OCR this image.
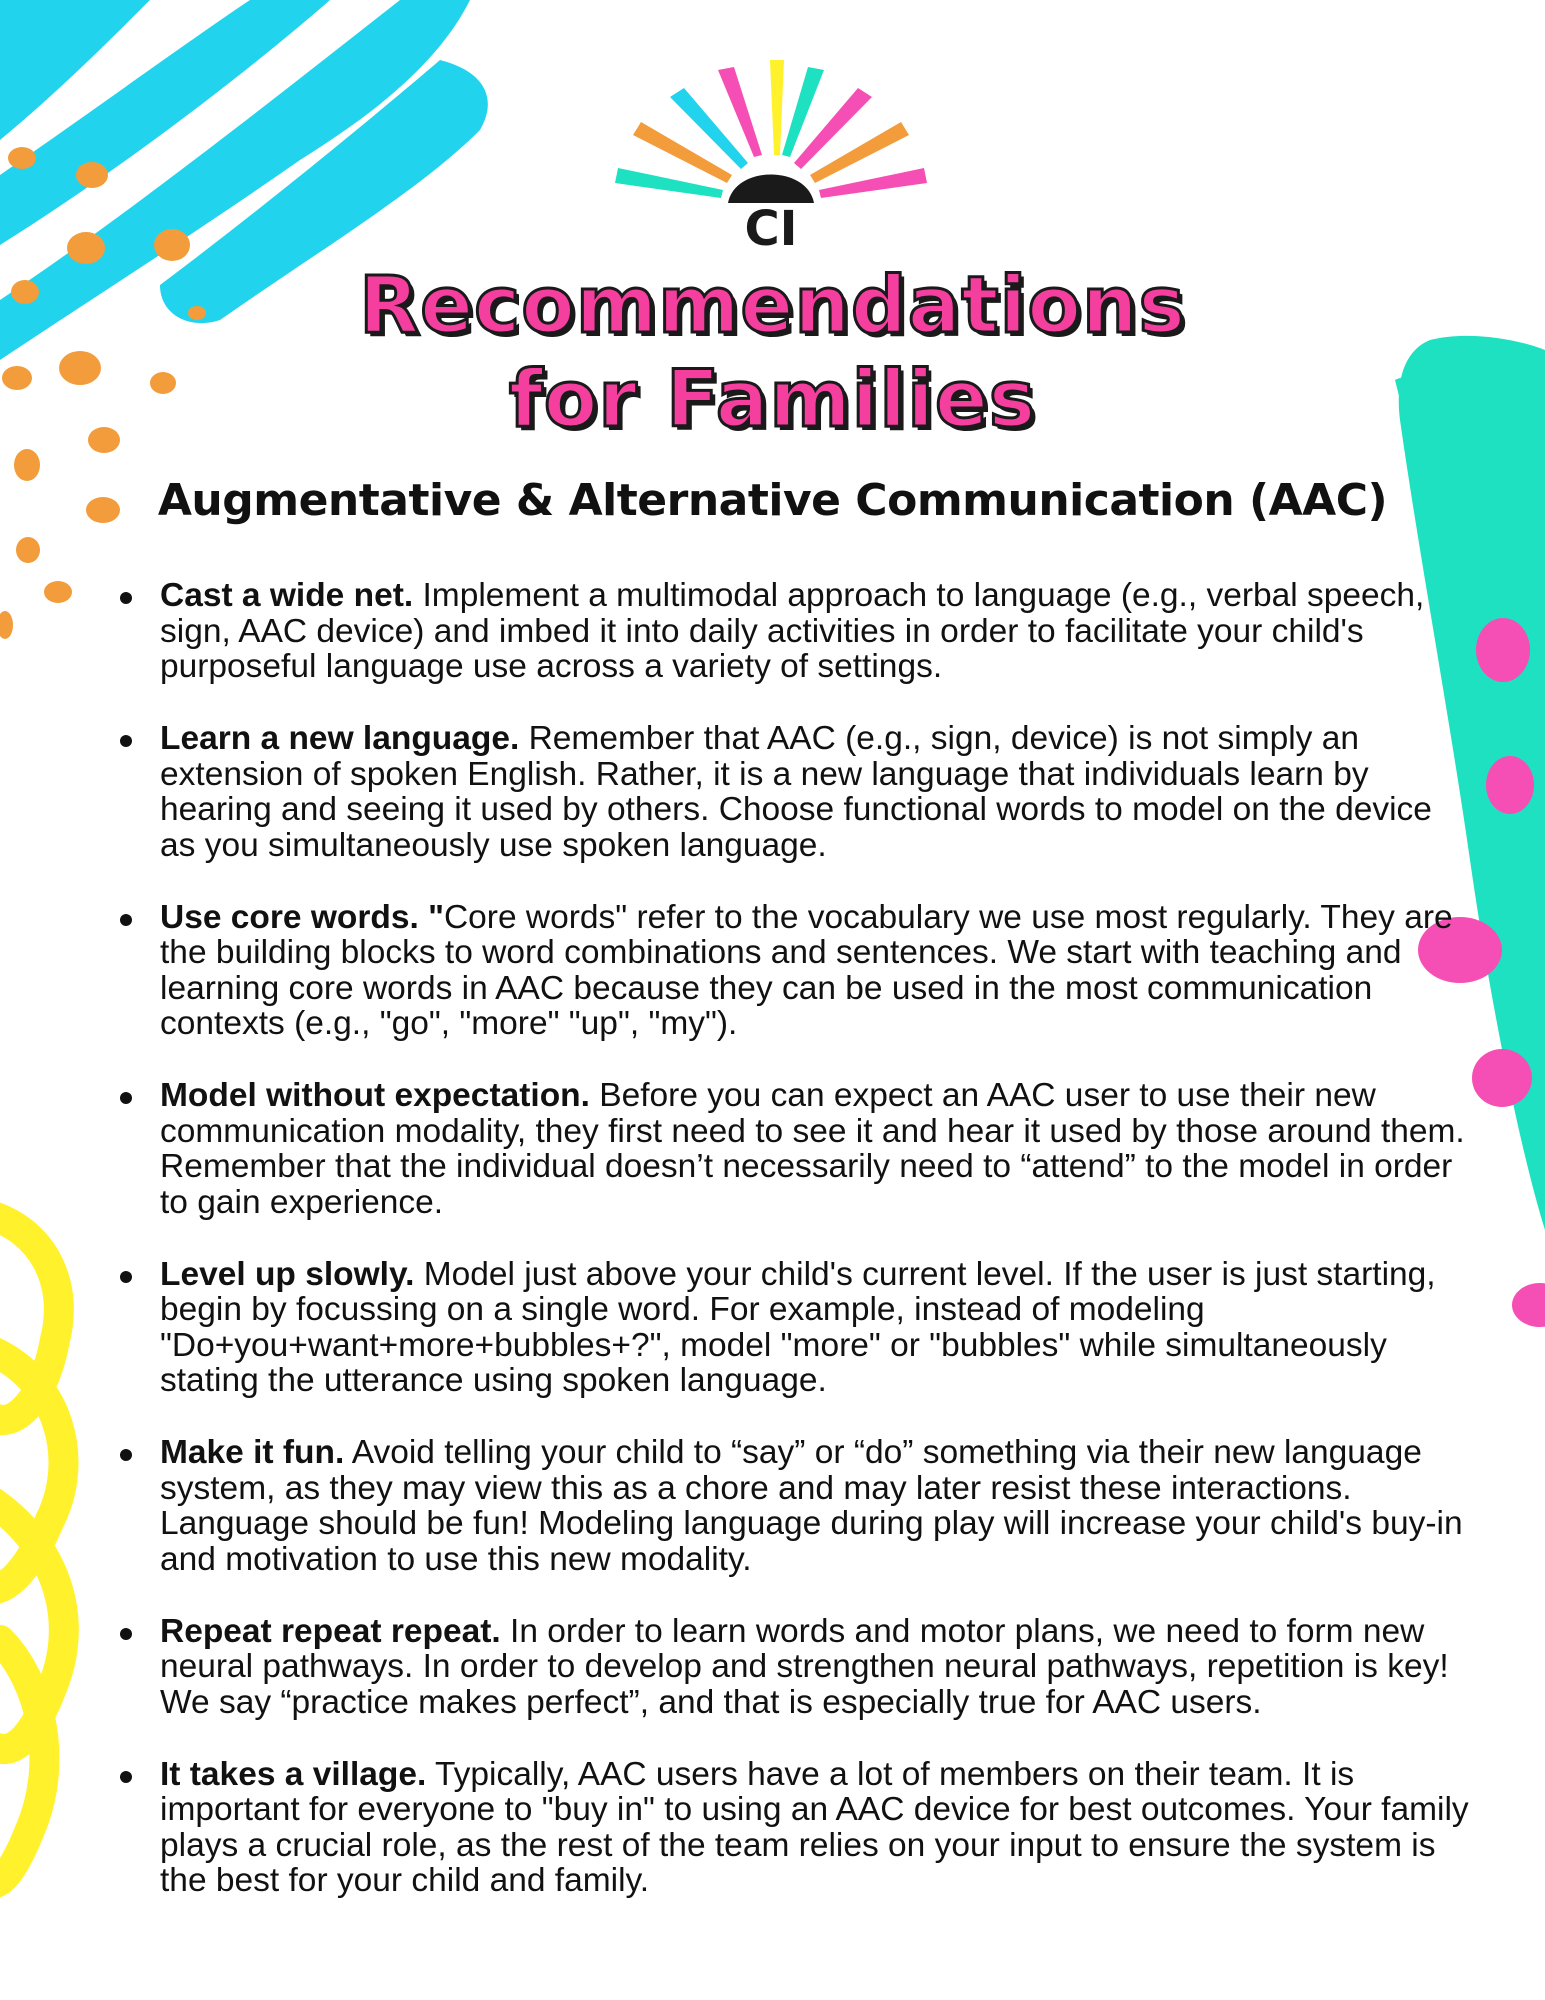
CI
Recommendations
for Families
Augmentative & Alternative Communication (AAC)
Cast a wide net. Implement a multimodal approach to language (e.g., verbal speech, sign, AAC device) and imbed it into daily activities in order to facilitate your child's purposeful language use across a variety of settings.
Learn a new language. Remember that AAC (e.g., sign, device) is not simply an extension of spoken English. Rather, it is a new language that individuals learn by hearing and seeing it used by others. Choose functional words to model on the device as you simultaneously use spoken language.
Use core words. "Core words" refer to the vocabulary we use most regularly. They are the building blocks to word combinations and sentences. We start with teaching and learning core words in AAC because they can be used in the most communication contexts (e.g., "go", "more" "up", "my").
Model without expectation. Before you can expect an AAC user to use their new communication modality, they first need to see it and hear it used by those around them. Remember that the individual doesn’t necessarily need to “attend” to the model in order to gain experience.
Level up slowly. Model just above your child's current level. If the user is just starting, begin by focussing on a single word. For example, instead of modeling "Do+you+want+more+bubbles+?", model "more" or "bubbles" while simultaneously stating the utterance using spoken language.
Make it fun. Avoid telling your child to “say” or “do” something via their new language system, as they may view this as a chore and may later resist these interactions. Language should be fun! Modeling language during play will increase your child's buy-in and motivation to use this new modality.
Repeat repeat repeat. In order to learn words and motor plans, we need to form new neural pathways. In order to develop and strengthen neural pathways, repetition is key! We say “practice makes perfect”, and that is especially true for AAC users.
It takes a village. Typically, AAC users have a lot of members on their team. It is important for everyone to "buy in" to using an AAC device for best outcomes. Your family plays a crucial role, as the rest of the team relies on your input to ensure the system is the best for your child and family.
